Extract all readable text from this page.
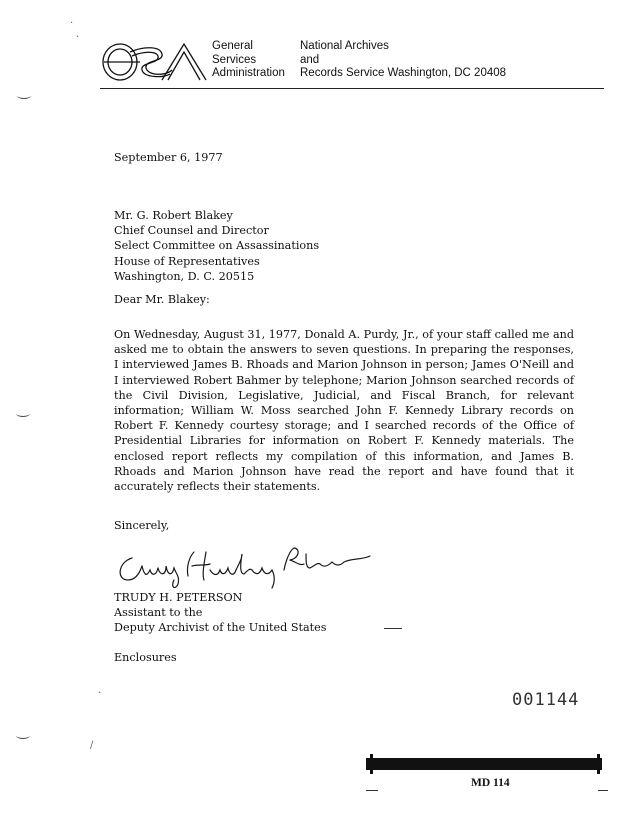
General
Services
Administration
National Archives
and
Records Service Washington, DC 20408
September 6, 1977
Mr. G. Robert Blakey
Chief Counsel and Director
Select Committee on Assassinations
House of Representatives
Washington, D. C. 20515
Dear Mr. Blakey:
On Wednesday, August 31, 1977, Donald A. Purdy, Jr., of your staff called me and asked me to obtain the answers to seven questions. In preparing the responses, I interviewed James B. Rhoads and Marion Johnson in person; James O'Neill and I interviewed Robert Bahmer by telephone; Marion Johnson searched records of the Civil Division, Legislative, Judicial, and Fiscal Branch, for relevant information; William W. Moss searched John F. Kennedy Library records on Robert F. Kennedy courtesy storage; and I searched records of the Office of Presidential Libraries for information on Robert F. Kennedy materials. The enclosed report reflects my compilation of this information, and James B. Rhoads and Marion Johnson have read the report and have found that it accurately reflects their statements.
Sincerely,
TRUDY H. PETERSON
Assistant to the
Deputy Archivist of the United States
Enclosures
001144
MD 114
·
·
·
/
